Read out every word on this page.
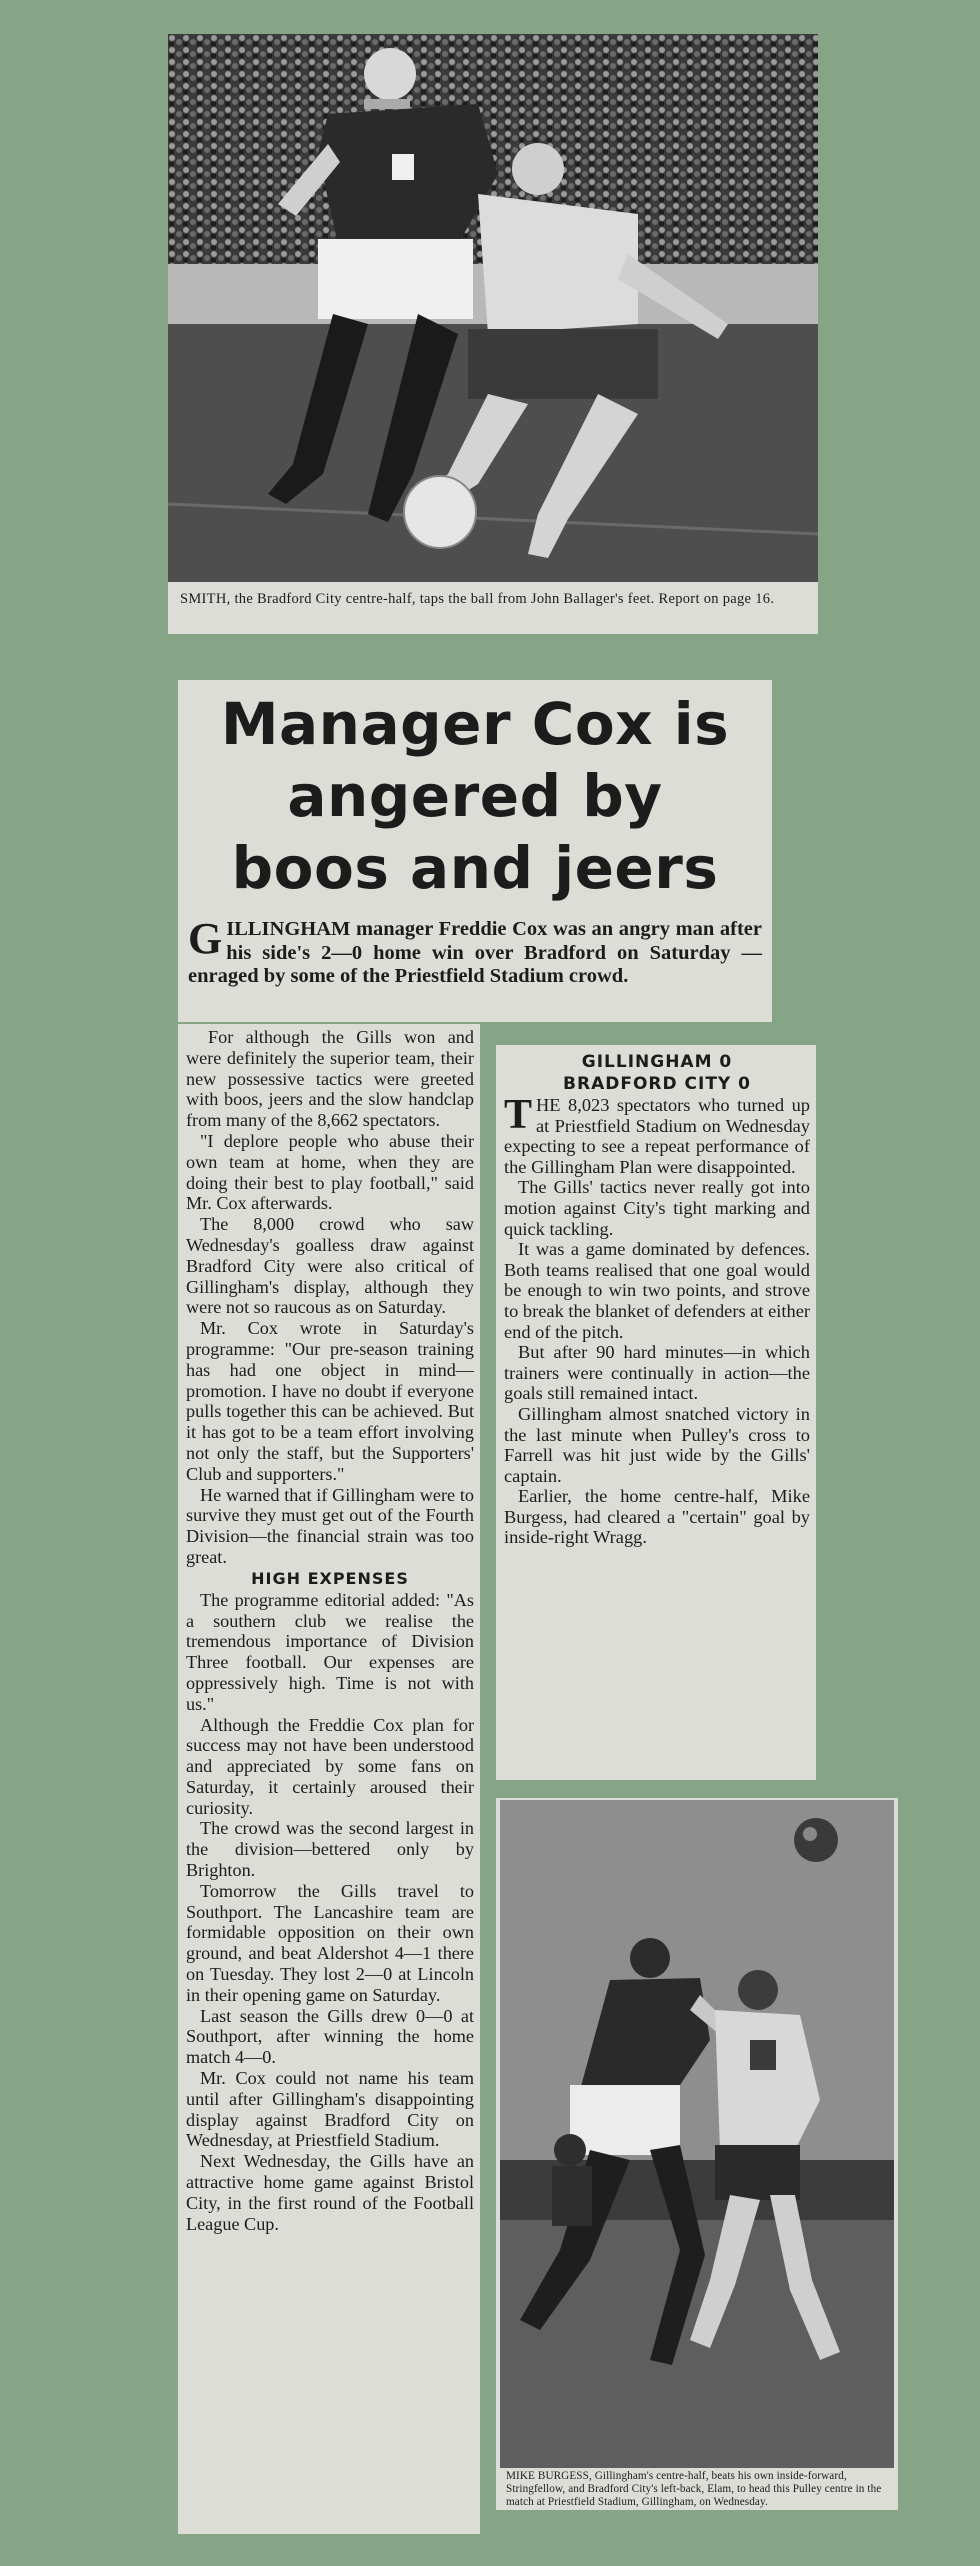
SMITH, the Bradford City centre-half, taps the ball from John Ballager's feet. Report on page 16.
Manager Cox is
angered by
boos and jeers

GILLINGHAM manager Freddie Cox was an angry man after his side's 2—0 home win over Bradford on Saturday — enraged by some of the Priestfield Stadium crowd.

For although the Gills won and were definitely the superior team, their new possessive tactics were greeted with boos, jeers and the slow handclap from many of the 8,662 spectators.

"I deplore people who abuse their own team at home, when they are doing their best to play football," said Mr. Cox afterwards.

The 8,000 crowd who saw Wednesday's goalless draw against Bradford City were also critical of Gillingham's display, although they were not so raucous as on Saturday.

Mr. Cox wrote in Saturday's programme: "Our pre-season training has had one object in mind—promotion. I have no doubt if everyone pulls together this can be achieved. But it has got to be a team effort involving not only the staff, but the Supporters' Club and supporters."

He warned that if Gillingham were to survive they must get out of the Fourth Division—the financial strain was too great.

HIGH EXPENSES

The programme editorial added: "As a southern club we realise the tremendous importance of Division Three football. Our expenses are oppressively high. Time is not with us."

Although the Freddie Cox plan for success may not have been understood and appreciated by some fans on Saturday, it certainly aroused their curiosity.

The crowd was the second largest in the division—bettered only by Brighton.

Tomorrow the Gills travel to Southport. The Lancashire team are formidable opposition on their own ground, and beat Aldershot 4—1 there on Tuesday. They lost 2—0 at Lincoln in their opening game on Saturday.

Last season the Gills drew 0—0 at Southport, after winning the home match 4—0.

Mr. Cox could not name his team until after Gillingham's disappointing display against Bradford City on Wednesday, at Priestfield Stadium.

Next Wednesday, the Gills have an attractive home game against Bristol City, in the first round of the Football League Cup.

GILLINGHAM 0
BRADFORD CITY 0

THE 8,023 spectators who turned up at Priestfield Stadium on Wednesday expecting to see a repeat performance of the Gillingham Plan were disappointed.

The Gills' tactics never really got into motion against City's tight marking and quick tackling.

It was a game dominated by defences. Both teams realised that one goal would be enough to win two points, and strove to break the blanket of defenders at either end of the pitch.

But after 90 hard minutes—in which trainers were continually in action—the goals still remained intact.

Gillingham almost snatched victory in the last minute when Pulley's cross to Farrell was hit just wide by the Gills' captain.

Earlier, the home centre-half, Mike Burgess, had cleared a "certain" goal by inside-right Wragg.

MIKE BURGESS, Gillingham's centre-half, beats his own inside-forward, Stringfellow, and Bradford City's left-back, Elam, to head this Pulley centre in the match at Priestfield Stadium, Gillingham, on Wednesday.
